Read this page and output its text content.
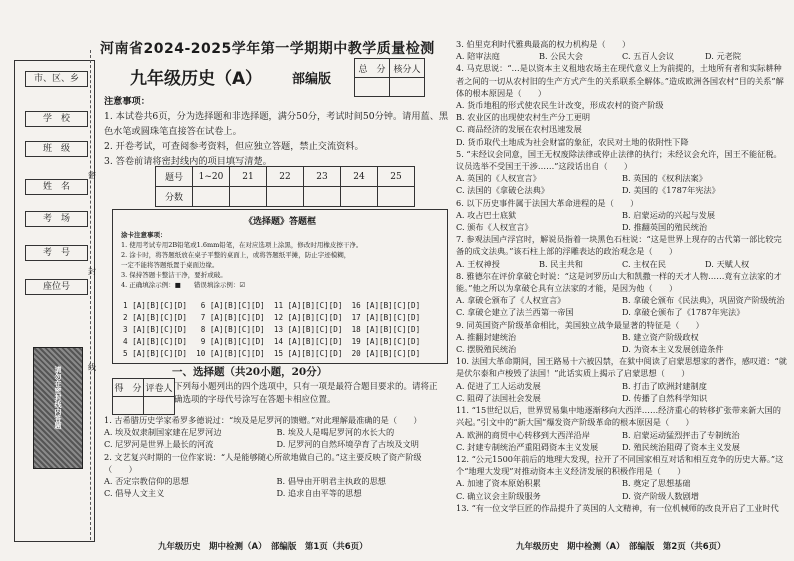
市、区、乡
学　校
班　级
姓　名
考　场
考　号
座位号
请勿在密封线内答题
密
封
线
河南省2024-2025学年第一学期期中教学质量检测
九年级历史（A） 部编版
总　分	核分人

注意事项：

1. 本试卷共6页，分为选择题和非选择题，满分50分，考试时间50分钟。请用蓝、黑色水笔或圆珠笔直接答在试卷上。

2. 开卷考试，可查阅参考资料，但应独立答题，禁止交流资料。

3. 答卷前请将密封线内的项目填写清楚。

题号	1~20	21	22	23	24	25
分数						
《选择题》答题框
涂卡注意事项：
1. 使用考试专用2B铅笔或1.6mm铅笔，在对应选项上涂黑，修改时用橡皮擦干净。
2. 涂卡时，将答题纸放在桌子平整的桌面上，或将答题纸平摊，防止字迹模糊，
一定不能将答题纸置于桌面边缘。
3. 保持答题卡整洁干净，要折或破。
4. 正确填涂示例：■　　错误填涂示例：☑
1 [A][B][C][D]   6 [A][B][C][D]  11 [A][B][C][D]  16 [A][B][C][D]
2 [A][B][C][D]   7 [A][B][C][D]  12 [A][B][C][D]  17 [A][B][C][D]
3 [A][B][C][D]   8 [A][B][C][D]  13 [A][B][C][D]  18 [A][B][C][D]
4 [A][B][C][D]   9 [A][B][C][D]  14 [A][B][C][D]  19 [A][B][C][D]
5 [A][B][C][D]  10 [A][B][C][D]  15 [A][B][C][D]  20 [A][B][C][D]
得　分	评卷人

一、选择题（共20小题，20分）
下列每小题列出的四个选项中，只有一项是最符合题目要求的。请将正确选项的字母代号涂写在答题卡相应位置。

1. 古希腊历史学家希罗多德说过：“埃及是尼罗河的馈赠。”对此理解最准确的是（　　）

A. 埃及奴隶制国家建在尼罗河边	B. 埃及人是喝尼罗河的水长大的
C. 尼罗河是世界上最长的河流	D. 尼罗河的自然环境孕育了古埃及文明

2. 文艺复兴时期的一位作家说：“人是能够随心所欲地做自己的。”这主要反映了资产阶级（　　）

A. 否定宗教信仰的思想	B. 倡导由开明君主执政的思想
C. 倡导人文主义	D. 追求自由平等的思想

3. 伯里克利时代雅典最高的权力机构是（　　）

A. 陪审法庭	B. 公民大会	C. 五百人会议	D. 元老院

4. 马克思说：“…是以资本主义租地农场主在现代意义上为前提的，土地所有者和实际耕种者之间的一切从农村旧的生产方式产生的关系联系全解体。”造成欧洲各国农村“目的关系”解体的根本原因是（　　）

A. 货币地租的形式使农民生计改变，形成农村的资产阶级

B. 农业区的出现使农村生产分工更明

C. 商品经济的发展在农村迅速发展

D. 货币取代土地成为社会财富的象征，农民对土地的依附性下降

5. “未经议会同意，国王无权废除法律或停止法律的执行；未经议会允许，国王不能征税。议员选举不受国王干涉……”这段话出自（　　）

A. 英国的《人权宣言》	B. 英国的《权利法案》
C. 法国的《拿破仑法典》	D. 美国的《1787年宪法》

6. 以下历史事件属于法国大革命进程的是（　　）

A. 攻占巴士底狱	B. 启蒙运动的兴起与发展
C. 颁布《人权宣言》	D. 推翻英国的殖民统治

7. 参观法国卢浮宫时，解说员指着一块黑色石柱说：“这是世界上现存的古代第一部比较完备的成文法典。”该石柱上部的浮雕表达的政治观念是（　　）

A. 王权神授	B. 民主共和	C. 主权在民	D. 天赋人权

8. 雅德尔在评价拿破仑时说：“这是诃罗历山大和凯撒一样的天才人物……竟有立法家的才能。”他之所以为拿破仑具有立法家的才能，是因为他（　　）

A. 拿破仑颁布了《人权宣言》	B. 拿破仑颁布《民法典》，巩固资产阶级统治
C. 拿破仑建立了法兰西第一帝国	D. 拿破仑颁布了《1787年宪法》

9. 同英国资产阶级革命相比，美国独立战争最显著的特征是（　　）

A. 推翻封建统治	B. 建立资产阶级政权
C. 摆脱殖民统治	D. 为资本主义发展创造条件

10. 法国大革命期间，国王路易十六被囚禁，在狱中阅读了启蒙思想家的著作，感叹道：“就是伏尔泰和卢梭毁了法国！”此话实质上揭示了启蒙思想（　　）

A. 促进了工人运动发展	B. 打击了欧洲封建制度
C. 阻碍了法国社会发展	D. 传播了自然科学知识

11. “15世纪以后，世界贸易集中地逐渐移向大西洋……经济重心的转移扩张带来新大国的兴起。”引文中的“新大国”爆发资产阶级革命的根本原因是（　　）

A. 欧洲的商贸中心转移到大西洋沿岸	B. 启蒙运动猛烈抨击了专制统治
C. 封建专制统治严重阻碍资本主义发展	D. 殖民统治阻碍了资本主义发展

12. “公元1500年前后的地理大发现，拉开了不同国家相互对话和相互竞争的历史大幕。”这个“地理大发现”对推动资本主义经济发展的积极作用是（　　）

A. 加速了资本原始积累	B. 奠定了思想基础
C. 确立议会主阶级服务	D. 资产阶级人数剧增

13. “有一位文学巨匠的作品提升了英国的人文精神，有一位机械师的改良开启了工业时代

九年级历史　期中检测（A）　部编版　第1页（共6页）	九年级历史　期中检测（A）　部编版　第2页（共6页）
